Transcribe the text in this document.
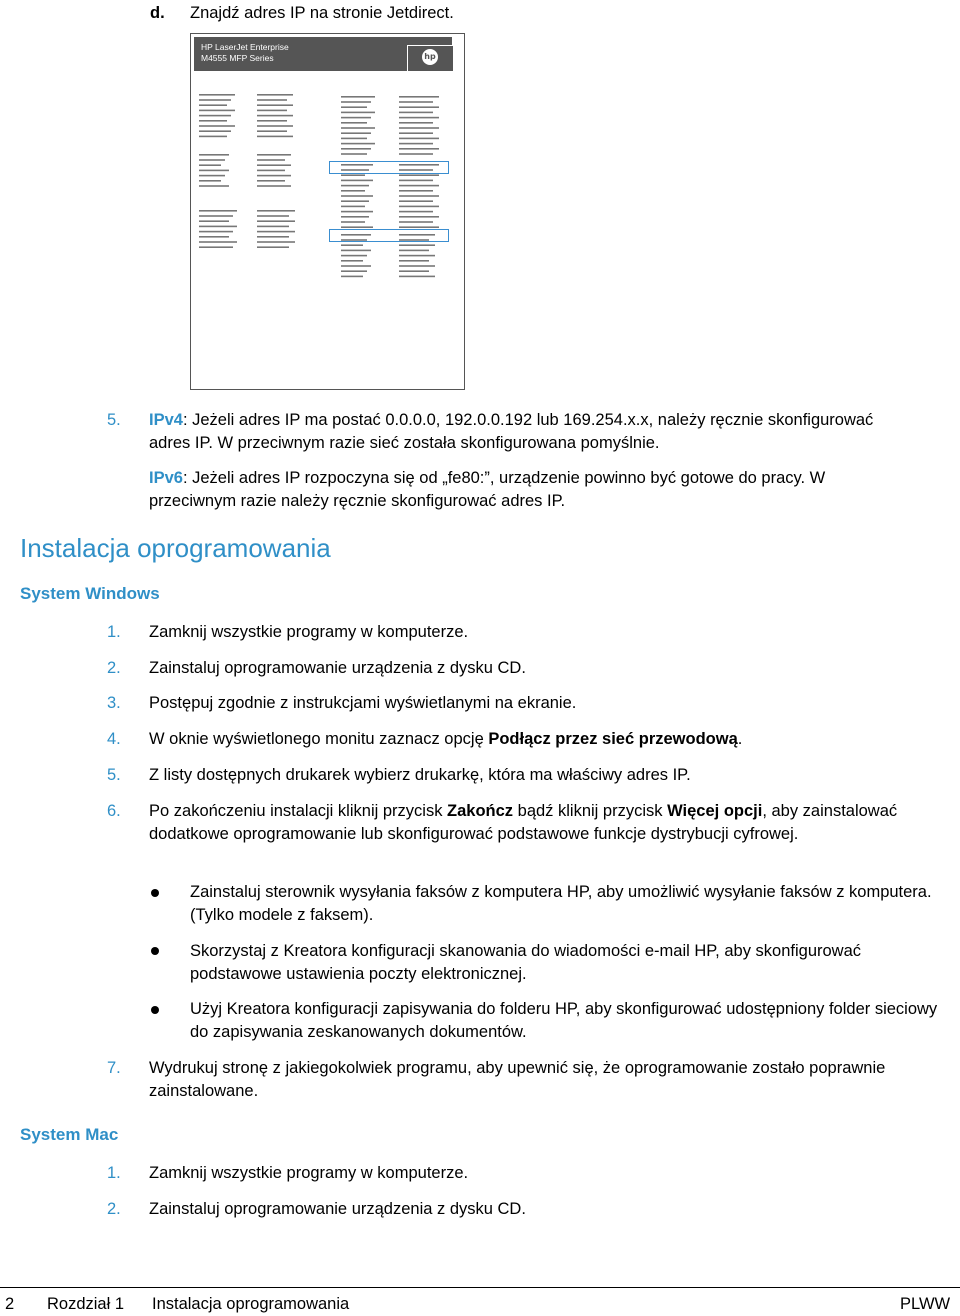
d. Znajdź adres IP na stronie Jetdirect.
HP LaserJet Enterprise
M4555 MFP Series	hp
5. IPv4: Jeżeli adres IP ma postać 0.0.0.0, 192.0.0.192 lub 169.254.x.x, należy ręcznie skonfigurować adres IP. W przeciwnym razie sieć została skonfigurowana pomyślnie.
IPv6: Jeżeli adres IP rozpoczyna się od „fe80:”, urządzenie powinno być gotowe do pracy. W przeciwnym razie należy ręcznie skonfigurować adres IP.
Instalacja oprogramowania
System Windows
1. Zamknij wszystkie programy w komputerze.
2. Zainstaluj oprogramowanie urządzenia z dysku CD.
3. Postępuj zgodnie z instrukcjami wyświetlanymi na ekranie.
4. W oknie wyświetlonego monitu zaznacz opcję Podłącz przez sieć przewodową.
5. Z listy dostępnych drukarek wybierz drukarkę, która ma właściwy adres IP.
6. Po zakończeniu instalacji kliknij przycisk Zakończ bądź kliknij przycisk Więcej opcji, aby zainstalować dodatkowe oprogramowanie lub skonfigurować podstawowe funkcje dystrybucji cyfrowej.
Zainstaluj sterownik wysyłania faksów z komputera HP, aby umożliwić wysyłanie faksów z komputera. (Tylko modele z faksem).
Skorzystaj z Kreatora konfiguracji skanowania do wiadomości e-mail HP, aby skonfigurować podstawowe ustawienia poczty elektronicznej.
Użyj Kreatora konfiguracji zapisywania do folderu HP, aby skonfigurować udostępniony folder sieciowy do zapisywania zeskanowanych dokumentów.
7. Wydrukuj stronę z jakiegokolwiek programu, aby upewnić się, że oprogramowanie zostało poprawnie zainstalowane.
System Mac
1. Zamknij wszystkie programy w komputerze.
2. Zainstaluj oprogramowanie urządzenia z dysku CD.
2 Rozdział 1 Instalacja oprogramowania	PLWW
